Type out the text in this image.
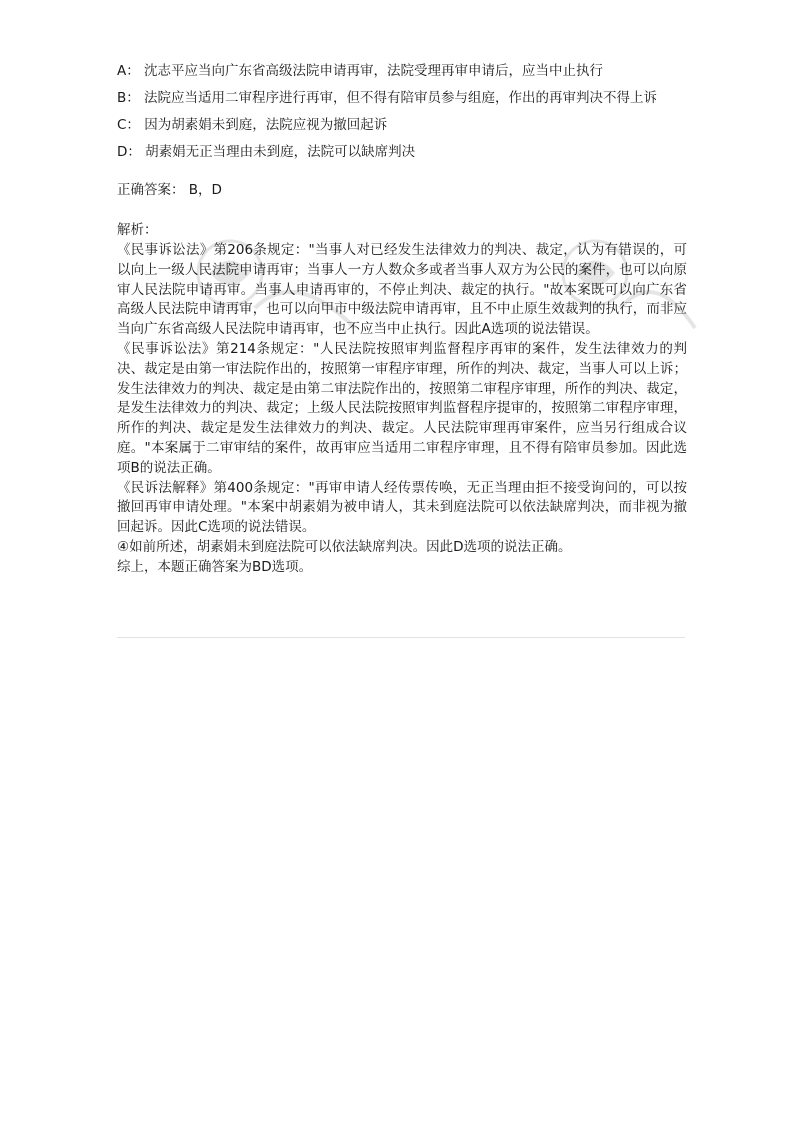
A： 沈志平应当向广东省高级法院申请再审，法院受理再审申请后，应当中止执行
B： 法院应当适用二审程序进行再审，但不得有陪审员参与组庭，作出的再审判决不得上诉
C： 因为胡素娟未到庭，法院应视为撤回起诉
D： 胡素娟无正当理由未到庭，法院可以缺席判决
正确答案： B，D
解析：

《民事诉讼法》第206条规定："当事人对已经发生法律效力的判决、裁定，认为有错误的，可以向上一级人民法院申请再审；当事人一方人数众多或者当事人双方为公民的案件，也可以向原审人民法院申请再审。当事人申请再审的，不停止判决、裁定的执行。"故本案既可以向广东省高级人民法院申请再审，也可以向甲市中级法院申请再审，且不中止原生效裁判的执行，而非应当向广东省高级人民法院申请再审，也不应当中止执行。因此A选项的说法错误。

《民事诉讼法》第214条规定："人民法院按照审判监督程序再审的案件，发生法律效力的判决、裁定是由第一审法院作出的，按照第一审程序审理，所作的判决、裁定，当事人可以上诉；发生法律效力的判决、裁定是由第二审法院作出的，按照第二审程序审理，所作的判决、裁定，是发生法律效力的判决、裁定；上级人民法院按照审判监督程序提审的，按照第二审程序审理，所作的判决、裁定是发生法律效力的判决、裁定。人民法院审理再审案件，应当另行组成合议庭。"本案属于二审审结的案件，故再审应当适用二审程序审理，且不得有陪审员参加。因此选项B的说法正确。

《民诉法解释》第400条规定："再审申请人经传票传唤，无正当理由拒不接受询问的，可以按撤回再审申请处理。"本案中胡素娟为被申请人，其未到庭法院可以依法缺席判决，而非视为撤回起诉。因此C选项的说法错误。

④如前所述，胡素娟未到庭法院可以依法缺席判决。因此D选项的说法正确。

综上，本题正确答案为BD选项。
